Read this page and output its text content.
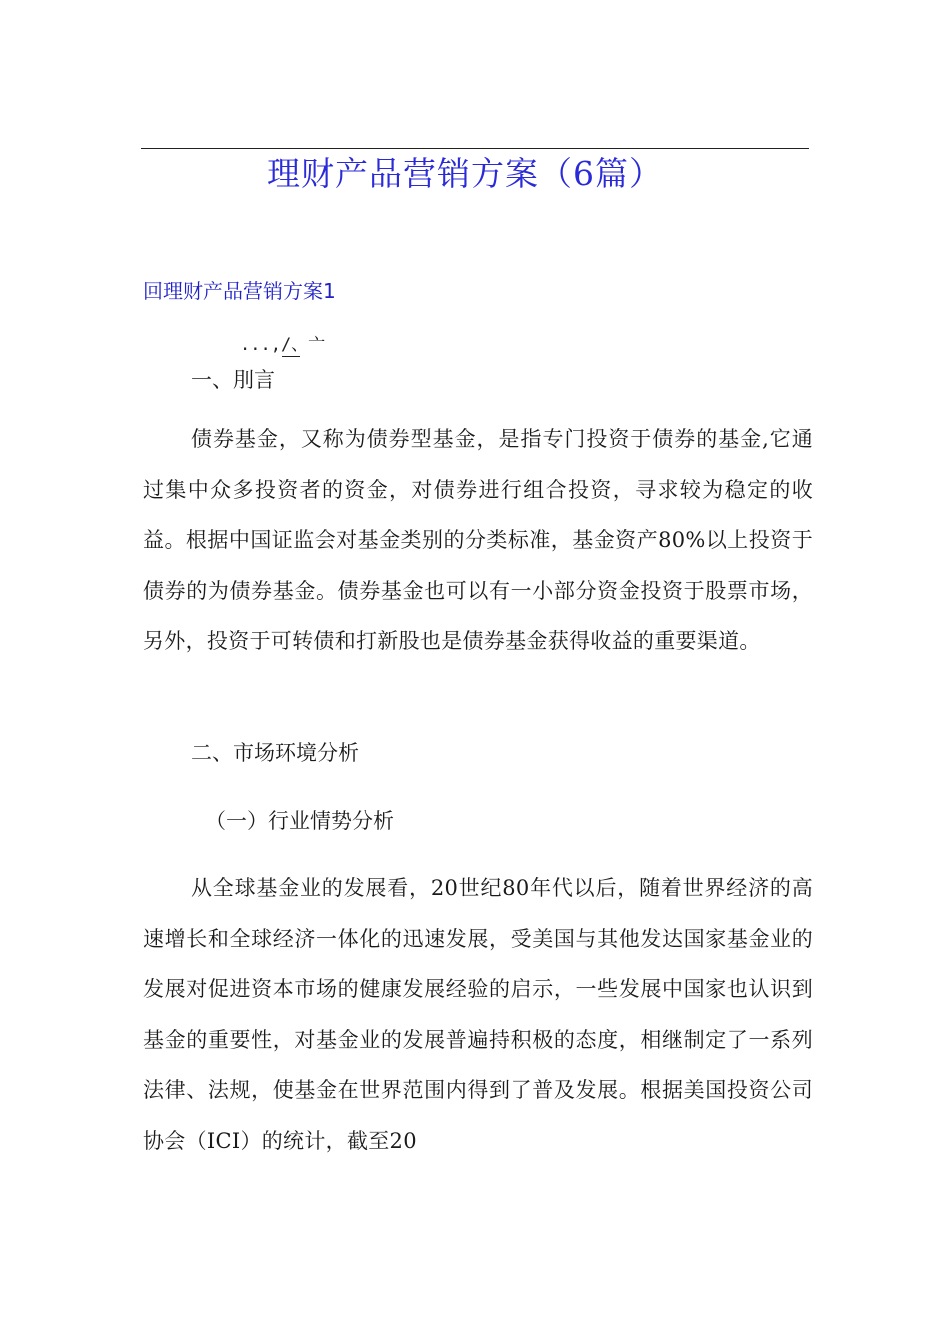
理财产品营销方案（6篇）
回理财产品营销方案1
...,/、亠
一、刖言
债券基金，又称为债券型基金，是指专门投资于债券的基金,它通过集中众多投资者的资金，对债券进行组合投资，寻求较为稳定的收益。根据中国证监会对基金类别的分类标准，基金资产80%以上投资于债券的为债券基金。债券基金也可以有一小部分资金投资于股票市场，另外，投资于可转债和打新股也是债券基金获得收益的重要渠道。
二、市场环境分析
（一）行业情势分析
从全球基金业的发展看，20世纪80年代以后，随着世界经济的高速增长和全球经济一体化的迅速发展，受美国与其他发达国家基金业的发展对促进资本市场的健康发展经验的启示，一些发展中国家也认识到基金的重要性，对基金业的发展普遍持积极的态度，相继制定了一系列法律、法规，使基金在世界范围内得到了普及发展。根据美国投资公司协会（ICI）的统计，截至20
